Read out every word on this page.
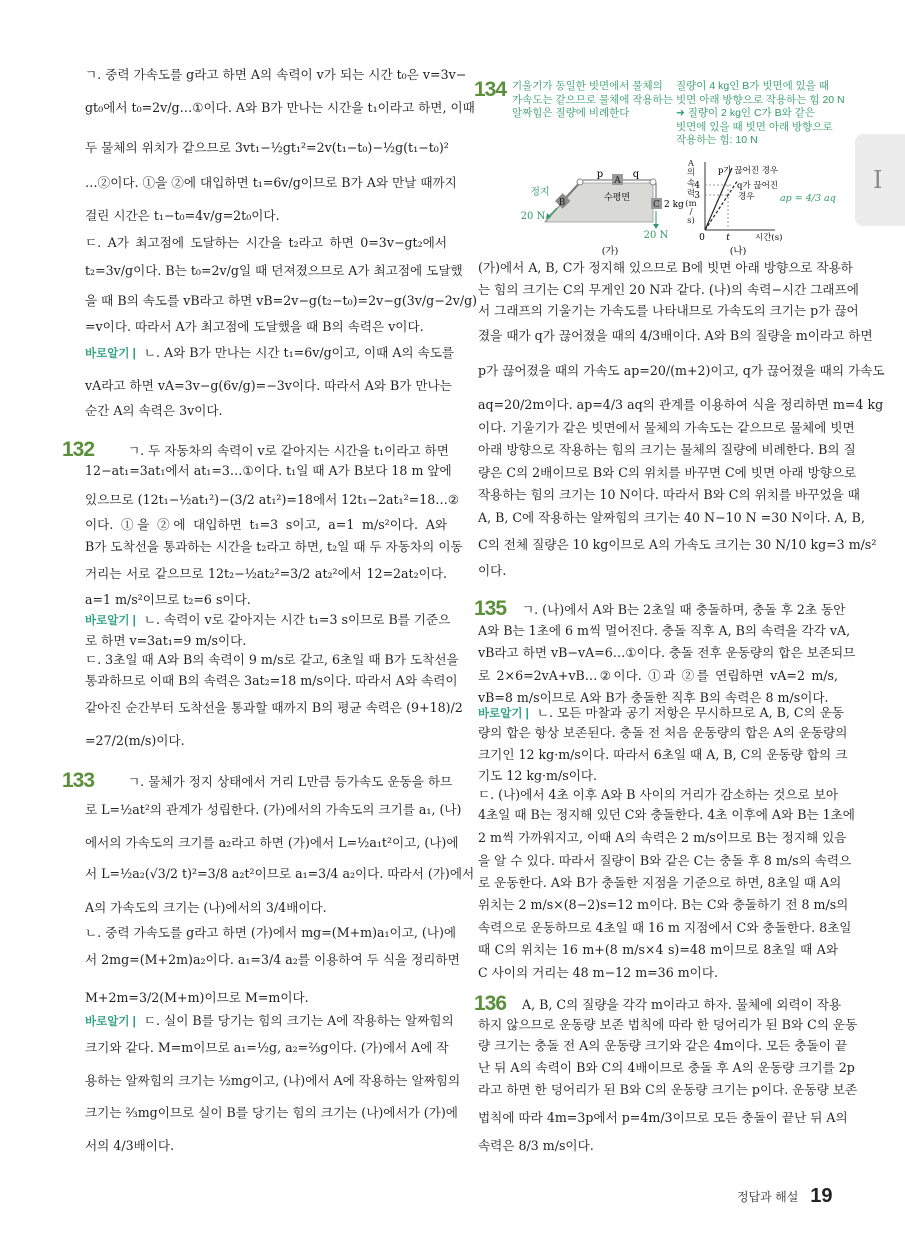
I
ㄱ. 중력 가속도를 g라고 하면 A의 속력이 v가 되는 시간 t₀은 v=3v−
gt₀에서 t₀=2v/g…①이다. A와 B가 만나는 시간을 t₁이라고 하면, 이때
두 물체의 위치가 같으므로 3vt₁−½gt₁²=2v(t₁−t₀)−½g(t₁−t₀)²
…②이다. ①을 ②에 대입하면 t₁=6v/g이므로 B가 A와 만날 때까지
걸린 시간은 t₁−t₀=4v/g=2t₀이다.
ㄷ. A가 최고점에 도달하는 시간을 t₂라고 하면 0=3v−gt₂에서
t₂=3v/g이다. B는 t₀=2v/g일 때 던져졌으므로 A가 최고점에 도달했
을 때 B의 속도를 vB라고 하면 vB=2v−g(t₂−t₀)=2v−g(3v/g−2v/g)
=v이다. 따라서 A가 최고점에 도달했을 때 B의 속력은 v이다.
바로알기 | ㄴ. A와 B가 만나는 시간 t₁=6v/g이고, 이때 A의 속도를
vA라고 하면 vA=3v−g(6v/g)=−3v이다. 따라서 A와 B가 만나는
순간 A의 속력은 3v이다.
132	ㄱ. 두 자동차의 속력이 v로 같아지는 시간을 t₁이라고 하면
12−at₁=3at₁에서 at₁=3…①이다. t₁일 때 A가 B보다 18 m 앞에
있으므로 (12t₁−½at₁²)−(3/2 at₁²)=18에서 12t₁−2at₁²=18…②
이다. ①을 ②에 대입하면 t₁=3 s이고, a=1 m/s²이다. A와
B가 도착선을 통과하는 시간을 t₂라고 하면, t₂일 때 두 자동차의 이동
거리는 서로 같으므로 12t₂−½at₂²=3/2 at₂²에서 12=2at₂이다.
a=1 m/s²이므로 t₂=6 s이다.
바로알기 | ㄴ. 속력이 v로 같아지는 시간 t₁=3 s이므로 B를 기준으
로 하면 v=3at₁=9 m/s이다.
ㄷ. 3초일 때 A와 B의 속력이 9 m/s로 같고, 6초일 때 B가 도착선을
통과하므로 이때 B의 속력은 3at₂=18 m/s이다. 따라서 A와 속력이
같아진 순간부터 도착선을 통과할 때까지 B의 평균 속력은 (9+18)/2
=27/2(m/s)이다.
133	ㄱ. 물체가 정지 상태에서 거리 L만큼 등가속도 운동을 하므
로 L=½at²의 관계가 성립한다. (가)에서의 가속도의 크기를 a₁, (나)
에서의 가속도의 크기를 a₂라고 하면 (가)에서 L=½a₁t²이고, (나)에
서 L=½a₂(√3/2 t)²=3/8 a₂t²이므로 a₁=3/4 a₂이다. 따라서 (가)에서
A의 가속도의 크기는 (나)에서의 3/4배이다.
ㄴ. 중력 가속도를 g라고 하면 (가)에서 mg=(M+m)a₁이고, (나)에
서 2mg=(M+2m)a₂이다. a₁=3/4 a₂를 이용하여 두 식을 정리하면
M+2m=3/2(M+m)이므로 M=m이다.
바로알기 | ㄷ. 실이 B를 당기는 힘의 크기는 A에 작용하는 알짜힘의
크기와 같다. M=m이므로 a₁=½g, a₂=⅔g이다. (가)에서 A에 작
용하는 알짜힘의 크기는 ½mg이고, (나)에서 A에 작용하는 알짜힘의
크기는 ⅔mg이므로 실이 B를 당기는 힘의 크기는 (나)에서가 (가)에
서의 4/3배이다.
134 기울기가 동일한 빗면에서 물체의
가속도는 같으므로 물체에 작용하는
알짜힘은 질량에 비례한다
질량이 4 kg인 B가 빗면에 있을 때
빗면 아래 방향으로 작용하는 힘 20 N
➜ 질량이 2 kg인 C가 B와 같은
빗면에 있을 때 빗면 아래 방향으로
작용하는 힘: 10 N
A
B	C
p	q
수평면
정지
20 N
2 kg
20 N
(가)
A
의
속
력
(m
/
s)
4
3
0 t	시간(s)
p가 끊어진 경우
q가 끊어진
경우	ap = 4/3 aq
(나)
(가)에서 A, B, C가 정지해 있으므로 B에 빗면 아래 방향으로 작용하
는 힘의 크기는 C의 무게인 20 N과 같다. (나)의 속력−시간 그래프에
서 그래프의 기울기는 가속도를 나타내므로 가속도의 크기는 p가 끊어
졌을 때가 q가 끊어졌을 때의 4/3배이다. A와 B의 질량을 m이라고 하면
p가 끊어졌을 때의 가속도 ap=20/(m+2)이고, q가 끊어졌을 때의 가속도
aq=20/2m이다. ap=4/3 aq의 관계를 이용하여 식을 정리하면 m=4 kg
이다. 기울기가 같은 빗면에서 물체의 가속도는 같으므로 물체에 빗면
아래 방향으로 작용하는 힘의 크기는 물체의 질량에 비례한다. B의 질
량은 C의 2배이므로 B와 C의 위치를 바꾸면 C에 빗면 아래 방향으로
작용하는 힘의 크기는 10 N이다. 따라서 B와 C의 위치를 바꾸었을 때
A, B, C에 작용하는 알짜힘의 크기는 40 N−10 N =30 N이다. A, B,
C의 전체 질량은 10 kg이므로 A의 가속도 크기는 30 N/10 kg=3 m/s²
이다.
135 ㄱ. (나)에서 A와 B는 2초일 때 충돌하며, 충돌 후 2초 동안
A와 B는 1초에 6 m씩 멀어진다. 충돌 직후 A, B의 속력을 각각 vA,
vB라고 하면 vB−vA=6…①이다. 충돌 전후 운동량의 합은 보존되므
로 2×6=2vA+vB…②이다. ①과 ②를 연립하면 vA=2 m/s,
vB=8 m/s이므로 A와 B가 충돌한 직후 B의 속력은 8 m/s이다.
바로알기 | ㄴ. 모든 마찰과 공기 저항은 무시하므로 A, B, C의 운동
량의 합은 항상 보존된다. 충돌 전 처음 운동량의 합은 A의 운동량의
크기인 12 kg·m/s이다. 따라서 6초일 때 A, B, C의 운동량 합의 크
기도 12 kg·m/s이다.
ㄷ. (나)에서 4초 이후 A와 B 사이의 거리가 감소하는 것으로 보아
4초일 때 B는 정지해 있던 C와 충돌한다. 4초 이후에 A와 B는 1초에
2 m씩 가까워지고, 이때 A의 속력은 2 m/s이므로 B는 정지해 있음
을 알 수 있다. 따라서 질량이 B와 같은 C는 충돌 후 8 m/s의 속력으
로 운동한다. A와 B가 충돌한 지점을 기준으로 하면, 8초일 때 A의
위치는 2 m/s×(8−2)s=12 m이다. B는 C와 충돌하기 전 8 m/s의
속력으로 운동하므로 4초일 때 16 m 지점에서 C와 충돌한다. 8초일
때 C의 위치는 16 m+(8 m/s×4 s)=48 m이므로 8초일 때 A와
C 사이의 거리는 48 m−12 m=36 m이다.
136 A, B, C의 질량을 각각 m이라고 하자. 물체에 외력이 작용
하지 않으므로 운동량 보존 법칙에 따라 한 덩어리가 된 B와 C의 운동
량 크기는 충돌 전 A의 운동량 크기와 같은 4m이다. 모든 충돌이 끝
난 뒤 A의 속력이 B와 C의 4배이므로 충돌 후 A의 운동량 크기를 2p
라고 하면 한 덩어리가 된 B와 C의 운동량 크기는 p이다. 운동량 보존
법칙에 따라 4m=3p에서 p=4m/3이므로 모든 충돌이 끝난 뒤 A의
속력은 8/3 m/s이다.
정답과 해설 19
